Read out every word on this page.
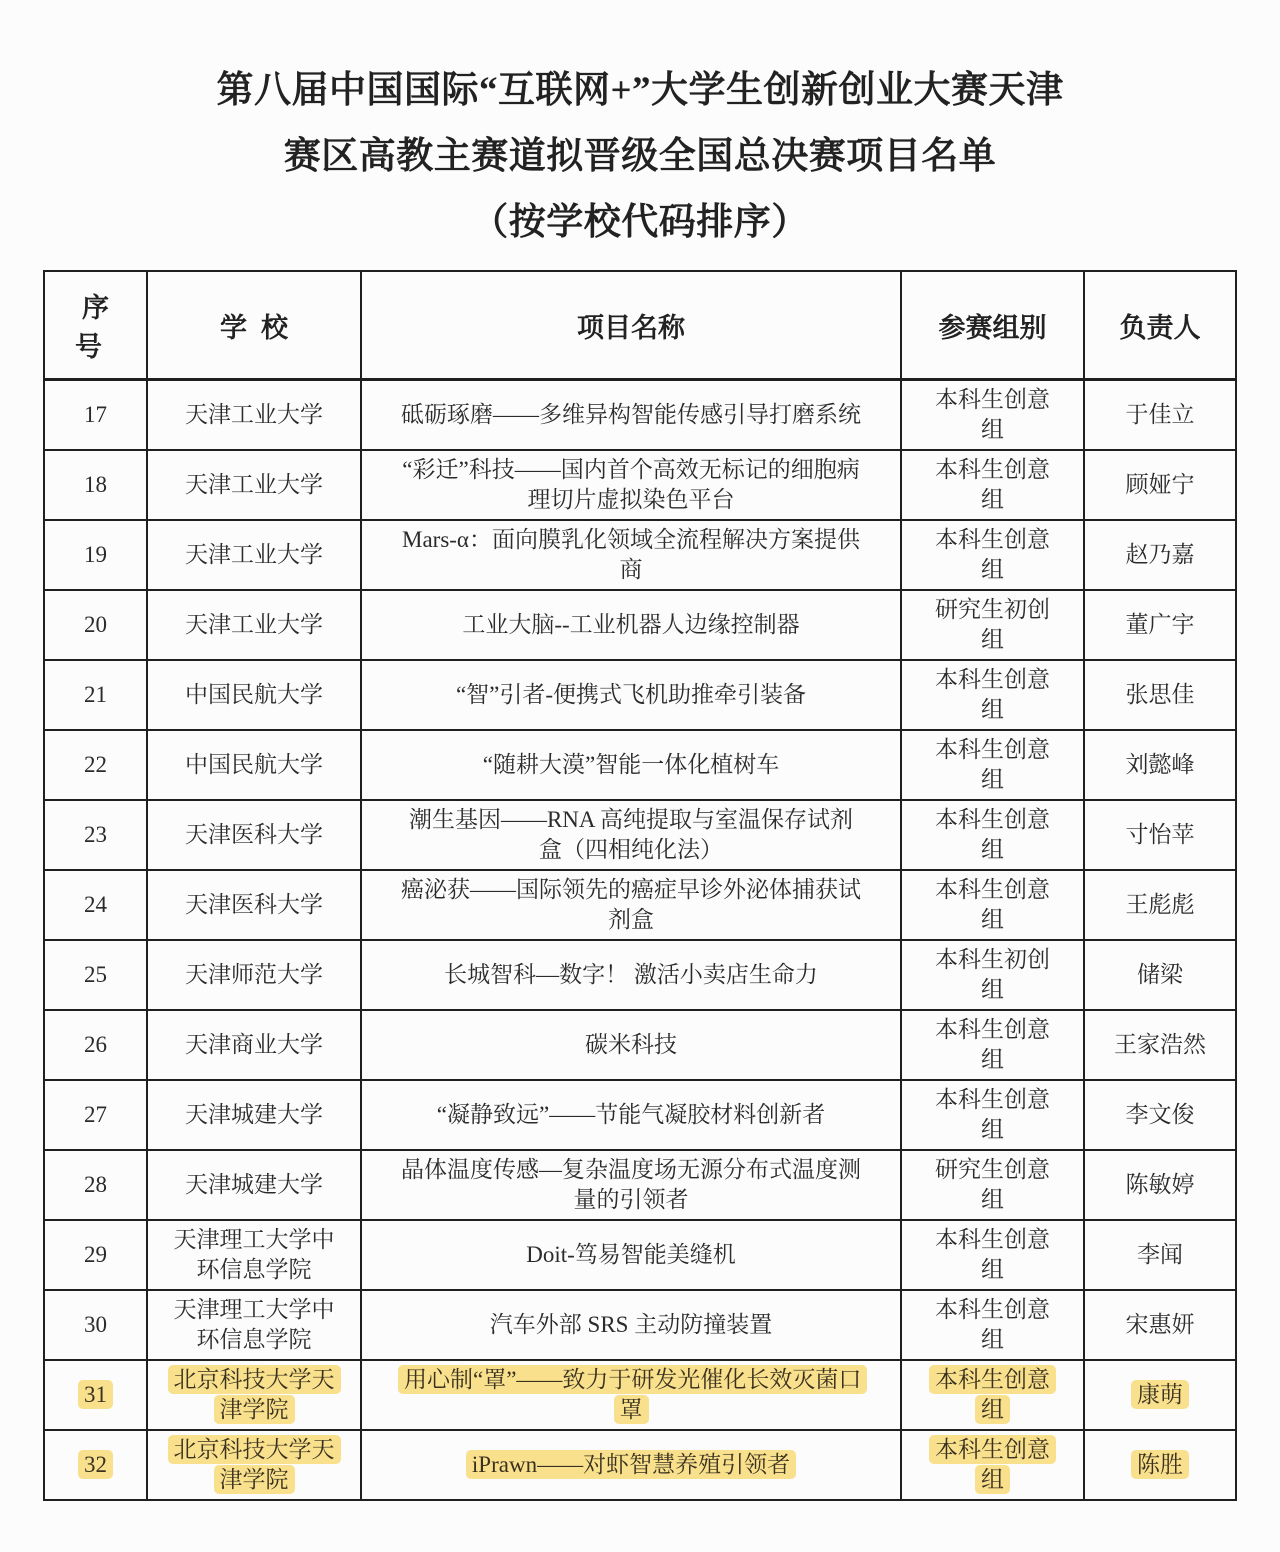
第八届中国国际“互联网+”大学生创新创业大赛天津
赛区高教主赛道拟晋级全国总决赛项目名单
（按学校代码排序）
序号	学校	项目名称	参赛组别	负责人

17	天津工业大学	砥砺琢磨——多维异构智能传感引导打磨系统	本科生创意组	于佳立

18	天津工业大学	“彩迁”科技——国内首个高效无标记的细胞病理切片虚拟染色平台	本科生创意组	顾娅宁

19	天津工业大学	Mars-α：面向膜乳化领域全流程解决方案提供商	本科生创意组	赵乃嘉

20	天津工业大学	工业大脑--工业机器人边缘控制器	研究生初创组	董广宇

21	中国民航大学	“智”引者-便携式飞机助推牵引装备	本科生创意组	张思佳

22	中国民航大学	“随耕大漠”智能一体化植树车	本科生创意组	刘懿峰

23	天津医科大学	潮生基因——RNA 高纯提取与室温保存试剂盒（四相纯化法）	本科生创意组	寸怡苹

24	天津医科大学	癌泌获——国际领先的癌症早诊外泌体捕获试剂盒	本科生创意组	王彪彪

25	天津师范大学	长城智科—数字！ 激活小卖店生命力	本科生初创组	储梁

26	天津商业大学	碳米科技	本科生创意组	王家浩然

27	天津城建大学	“凝静致远”——节能气凝胶材料创新者	本科生创意组	李文俊

28	天津城建大学	晶体温度传感—复杂温度场无源分布式温度测量的引领者	研究生创意组	陈敏婷

29	天津理工大学中环信息学院	Doit-笃易智能美缝机	本科生创意组	李闻

30	天津理工大学中环信息学院	汽车外部 SRS 主动防撞装置	本科生创意组	宋惠妍

31	北京科技大学天津学院	用心制“罩”——致力于研发光催化长效灭菌口罩	本科生创意组	康萌

32	北京科技大学天津学院	iPrawn——对虾智慧养殖引领者	本科生创意组	陈胜
